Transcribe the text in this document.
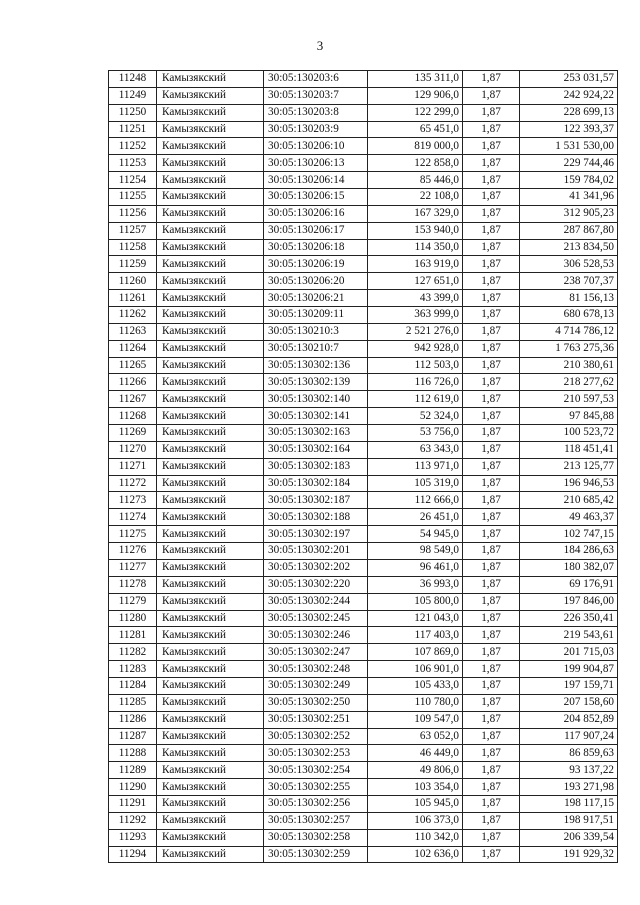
3
11248	Камызякский	30:05:130203:6	135 311,0	1,87	253 031,57
11249	Камызякский	30:05:130203:7	129 906,0	1,87	242 924,22
11250	Камызякский	30:05:130203:8	122 299,0	1,87	228 699,13
11251	Камызякский	30:05:130203:9	65 451,0	1,87	122 393,37
11252	Камызякский	30:05:130206:10	819 000,0	1,87	1 531 530,00
11253	Камызякский	30:05:130206:13	122 858,0	1,87	229 744,46
11254	Камызякский	30:05:130206:14	85 446,0	1,87	159 784,02
11255	Камызякский	30:05:130206:15	22 108,0	1,87	41 341,96
11256	Камызякский	30:05:130206:16	167 329,0	1,87	312 905,23
11257	Камызякский	30:05:130206:17	153 940,0	1,87	287 867,80
11258	Камызякский	30:05:130206:18	114 350,0	1,87	213 834,50
11259	Камызякский	30:05:130206:19	163 919,0	1,87	306 528,53
11260	Камызякский	30:05:130206:20	127 651,0	1,87	238 707,37
11261	Камызякский	30:05:130206:21	43 399,0	1,87	81 156,13
11262	Камызякский	30:05:130209:11	363 999,0	1,87	680 678,13
11263	Камызякский	30:05:130210:3	2 521 276,0	1,87	4 714 786,12
11264	Камызякский	30:05:130210:7	942 928,0	1,87	1 763 275,36
11265	Камызякский	30:05:130302:136	112 503,0	1,87	210 380,61
11266	Камызякский	30:05:130302:139	116 726,0	1,87	218 277,62
11267	Камызякский	30:05:130302:140	112 619,0	1,87	210 597,53
11268	Камызякский	30:05:130302:141	52 324,0	1,87	97 845,88
11269	Камызякский	30:05:130302:163	53 756,0	1,87	100 523,72
11270	Камызякский	30:05:130302:164	63 343,0	1,87	118 451,41
11271	Камызякский	30:05:130302:183	113 971,0	1,87	213 125,77
11272	Камызякский	30:05:130302:184	105 319,0	1,87	196 946,53
11273	Камызякский	30:05:130302:187	112 666,0	1,87	210 685,42
11274	Камызякский	30:05:130302:188	26 451,0	1,87	49 463,37
11275	Камызякский	30:05:130302:197	54 945,0	1,87	102 747,15
11276	Камызякский	30:05:130302:201	98 549,0	1,87	184 286,63
11277	Камызякский	30:05:130302:202	96 461,0	1,87	180 382,07
11278	Камызякский	30:05:130302:220	36 993,0	1,87	69 176,91
11279	Камызякский	30:05:130302:244	105 800,0	1,87	197 846,00
11280	Камызякский	30:05:130302:245	121 043,0	1,87	226 350,41
11281	Камызякский	30:05:130302:246	117 403,0	1,87	219 543,61
11282	Камызякский	30:05:130302:247	107 869,0	1,87	201 715,03
11283	Камызякский	30:05:130302:248	106 901,0	1,87	199 904,87
11284	Камызякский	30:05:130302:249	105 433,0	1,87	197 159,71
11285	Камызякский	30:05:130302:250	110 780,0	1,87	207 158,60
11286	Камызякский	30:05:130302:251	109 547,0	1,87	204 852,89
11287	Камызякский	30:05:130302:252	63 052,0	1,87	117 907,24
11288	Камызякский	30:05:130302:253	46 449,0	1,87	86 859,63
11289	Камызякский	30:05:130302:254	49 806,0	1,87	93 137,22
11290	Камызякский	30:05:130302:255	103 354,0	1,87	193 271,98
11291	Камызякский	30:05:130302:256	105 945,0	1,87	198 117,15
11292	Камызякский	30:05:130302:257	106 373,0	1,87	198 917,51
11293	Камызякский	30:05:130302:258	110 342,0	1,87	206 339,54
11294	Камызякский	30:05:130302:259	102 636,0	1,87	191 929,32
